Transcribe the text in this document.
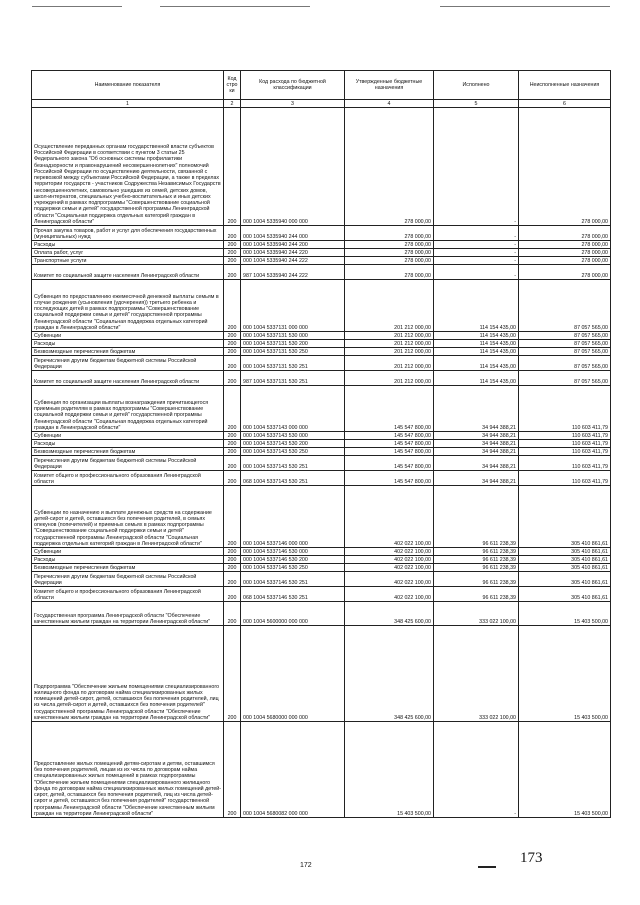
Наименование показателя	Код стро ки	Код расхода по бюджетной классификации	Утвержденные бюджетные назначения	Исполнено	Неисполненные назначения
1	2	3	4	5	6
Осуществление переданных органам государственной власти субъектов Российской Федерации в соответствии с пунктом 3 статьи 25 Федерального закона "Об основных системы профилактики безнадзорности и правонарушений несовершеннолетних" полномочий Российской Федерации по осуществлению деятельности, связанной с перевозкой между субъектами Российской Федерации, а также в пределах территории государств - участников Содружества Независимых Государств несовершеннолетних, самовольно ушедших из семей, детских домов, школ-интернатов, специальных учебно-воспитательных и иных детских учреждений в рамках подпрограммы "Совершенствование социальной поддержки семьи и детей" государственной программы Ленинградской области "Социальная поддержка отдельных категорий граждан в Ленинградской области"	200	000 1004 5335940 000 000	278 000,00	-	278 000,00
Прочая закупка товаров, работ и услуг для обеспечения государственных (муниципальных) нужд	200	000 1004 5335940 244 000	278 000,00	-	278 000,00
Расходы	200	000 1004 5335940 244 200	278 000,00	-	278 000,00
Оплата работ, услуг	200	000 1004 5335940 244 220	278 000,00	-	278 000,00
Транспортные услуги	200	000 1004 5335940 244 222	278 000,00	-	278 000,00
Комитет по социальной защите населения Ленинградской области	200	987 1004 5335940 244 222	278 000,00	-	278 000,00
Субвенция по предоставлению ежемесячной денежной выплаты семьям в случае рождения (усыновления (удочерения)) третьего ребенка и последующих детей в рамках подпрограммы "Совершенствование социальной поддержки семьи и детей" государственной программы Ленинградской области "Социальная поддержка отдельных категорий граждан в Ленинградской области"	200	000 1004 5337131 000 000	201 212 000,00	114 154 435,00	87 057 565,00
Субвенции	200	000 1004 5337131 530 000	201 212 000,00	114 154 435,00	87 057 565,00
Расходы	200	000 1004 5337131 530 200	201 212 000,00	114 154 435,00	87 057 565,00
Безвозмездные перечисления бюджетам	200	000 1004 5337131 530 250	201 212 000,00	114 154 435,00	87 057 565,00
Перечисления другим бюджетам бюджетной системы Российской Федерации	200	000 1004 5337131 530 251	201 212 000,00	114 154 435,00	87 057 565,00
Комитет по социальной защите населения Ленинградской области	200	987 1004 5337131 530 251	201 212 000,00	114 154 435,00	87 057 565,00
Субвенция по организации выплаты вознаграждения причитающегося приемным родителям в рамках подпрограммы "Совершенствование социальной поддержки семьи и детей" государственной программы Ленинградской области "Социальная поддержка отдельных категорий граждан в Ленинградской области"	200	000 1004 5337143 000 000	145 547 800,00	34 944 388,21	110 603 411,79
Субвенции	200	000 1004 5337143 530 000	145 547 800,00	34 944 388,21	110 603 411,79
Расходы	200	000 1004 5337143 530 200	145 547 800,00	34 944 388,21	110 603 411,79
Безвозмездные перечисления бюджетам	200	000 1004 5337143 530 250	145 547 800,00	34 944 388,21	110 603 411,79
Перечисления другим бюджетам бюджетной системы Российской Федерации	200	000 1004 5337143 530 251	145 547 800,00	34 944 388,21	110 603 411,79
Комитет общего и профессионального образования Ленинградской области	200	068 1004 5337143 530 251	145 547 800,00	34 944 388,21	110 603 411,79
Субвенции по назначению и выплате денежных средств на содержание детей-сирот и детей, оставшихся без попечения родителей, в семьях опекунов (попечителей) и приемных семьях в рамках подпрограммы "Совершенствование социальной поддержки семьи и детей" государственной программы Ленинградской области "Социальная поддержка отдельных категорий граждан в Ленинградской области"	200	000 1004 5337146 000 000	402 022 100,00	96 611 238,39	305 410 861,61
Субвенции	200	000 1004 5337146 530 000	402 022 100,00	96 611 238,39	305 410 861,61
Расходы	200	000 1004 5337146 530 200	402 022 100,00	96 611 238,39	305 410 861,61
Безвозмездные перечисления бюджетам	200	000 1004 5337146 530 250	402 022 100,00	96 611 238,39	305 410 861,61
Перечисления другим бюджетам бюджетной системы Российской Федерации	200	000 1004 5337146 530 251	402 022 100,00	96 611 238,39	305 410 861,61
Комитет общего и профессионального образования Ленинградской области	200	068 1004 5337146 530 251	402 022 100,00	96 611 238,39	305 410 861,61
Государственная программа Ленинградской области "Обеспечение качественным жильем граждан на территории Ленинградской области"	200	000 1004 5600000 000 000	348 425 600,00	333 022 100,00	15 403 500,00
Подпрограмма "Обеспечение жильем помещениями специализированного жилищного фонда по договорам найма специализированных жилых помещений детей-сирот, детей, оставшихся без попечения родителей, лиц из числа детей-сирот и детей, оставшихся без попечения родителей" государственной программы Ленинградской области "Обеспечение качественным жильем граждан на территории Ленинградской области"	200	000 1004 5680000 000 000	348 425 600,00	333 022 100,00	15 403 500,00
Предоставление жилых помещений детям-сиротам и детям, оставшимся без попечения родителей, лицам из их числа по договорам найма специализированных жилых помещений в рамках подпрограммы "Обеспечение жильем помещениями специализированного жилищного фонда по договорам найма специализированных жилых помещений детей-сирот, детей, оставшихся без попечения родителей, лиц из числа детей-сирот и детей, оставшихся без попечения родителей" государственной программы Ленинградской области "Обеспечение качественным жильем граждан на территории Ленинградской области"	200	000 1004 5680082 000 000	15 403 500,00	-	15 403 500,00
172	173
